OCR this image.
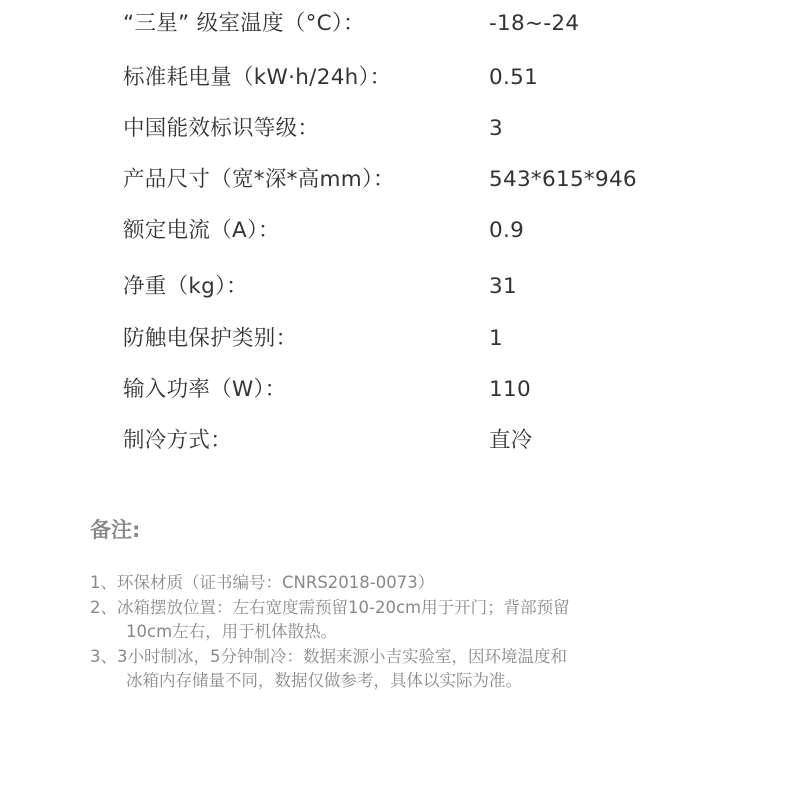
“三星” 级室温度（°C）：	-18~-24
标准耗电量（kW·h/24h）：	0.51
中国能效标识等级：	3
产品尺寸（宽*深*高mm）：	543*615*946
额定电流（A）：	0.9
净重（kg）：	31
防触电保护类别：	1
输入功率（W）：	110
制冷方式：	直冷
备注:
1、环保材质（证书编号：CNRS2018-0073）
2、冰箱摆放位置：左右宽度需预留10-20cm用于开门；背部预留
10cm左右，用于机体散热。
3、3小时制冰，5分钟制冷：数据来源小吉实验室，因环境温度和
冰箱内存储量不同，数据仅做参考，具体以实际为准。
